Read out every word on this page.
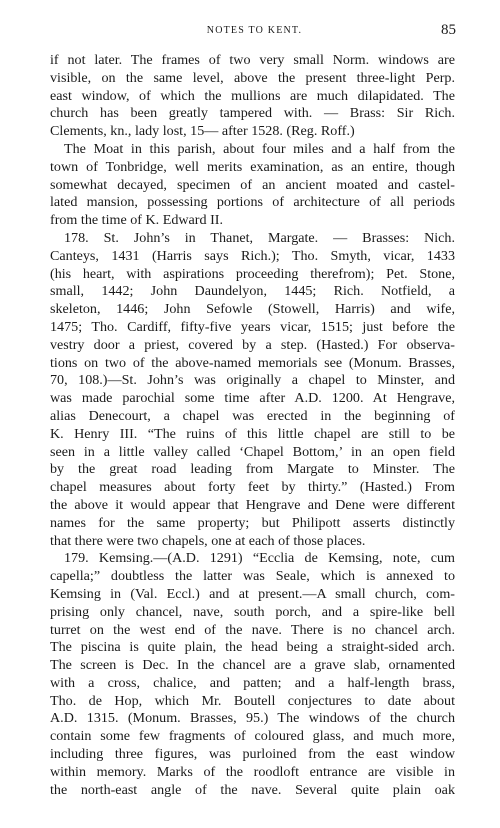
NOTES TO KENT.	85
if not later. The frames of two very small Norm. windows are
visible, on the same level, above the present three-light Perp.
east window, of which the mullions are much dilapidated. The
church has been greatly tampered with. — Brass: Sir Rich.
Clements, kn., lady lost, 15— after 1528. (Reg. Roff.)
The Moat in this parish, about four miles and a half from the
town of Tonbridge, well merits examination, as an entire, though
somewhat decayed, specimen of an ancient moated and castel-
lated mansion, possessing portions of architecture of all periods
from the time of K. Edward II.
178. St. John’s in Thanet, Margate. — Brasses: Nich.
Canteys, 1431 (Harris says Rich.); Tho. Smyth, vicar, 1433
(his heart, with aspirations proceeding therefrom); Pet. Stone,
small, 1442; John Daundelyon, 1445; Rich. Notfield, a
skeleton, 1446; John Sefowle (Stowell, Harris) and wife,
1475; Tho. Cardiff, fifty-five years vicar, 1515; just before the
vestry door a priest, covered by a step. (Hasted.) For observa-
tions on two of the above-named memorials see (Monum. Brasses,
70, 108.)—St. John’s was originally a chapel to Minster, and
was made parochial some time after A.D. 1200. At Hengrave,
alias Denecourt, a chapel was erected in the beginning of
K. Henry III. “The ruins of this little chapel are still to be
seen in a little valley called ‘Chapel Bottom,’ in an open field
by the great road leading from Margate to Minster. The
chapel measures about forty feet by thirty.” (Hasted.) From
the above it would appear that Hengrave and Dene were different
names for the same property; but Philipott asserts distinctly
that there were two chapels, one at each of those places.
179. Kemsing.—(A.D. 1291) “Ecclia de Kemsing, note, cum
capella;” doubtless the latter was Seale, which is annexed to
Kemsing in (Val. Eccl.) and at present.—A small church, com-
prising only chancel, nave, south porch, and a spire-like bell
turret on the west end of the nave. There is no chancel arch.
The piscina is quite plain, the head being a straight-sided arch.
The screen is Dec. In the chancel are a grave slab, ornamented
with a cross, chalice, and patten; and a half-length brass,
Tho. de Hop, which Mr. Boutell conjectures to date about
A.D. 1315. (Monum. Brasses, 95.) The windows of the church
contain some few fragments of coloured glass, and much more,
including three figures, was purloined from the east window
within memory. Marks of the roodloft entrance are visible in
the north-east angle of the nave. Several quite plain oak
